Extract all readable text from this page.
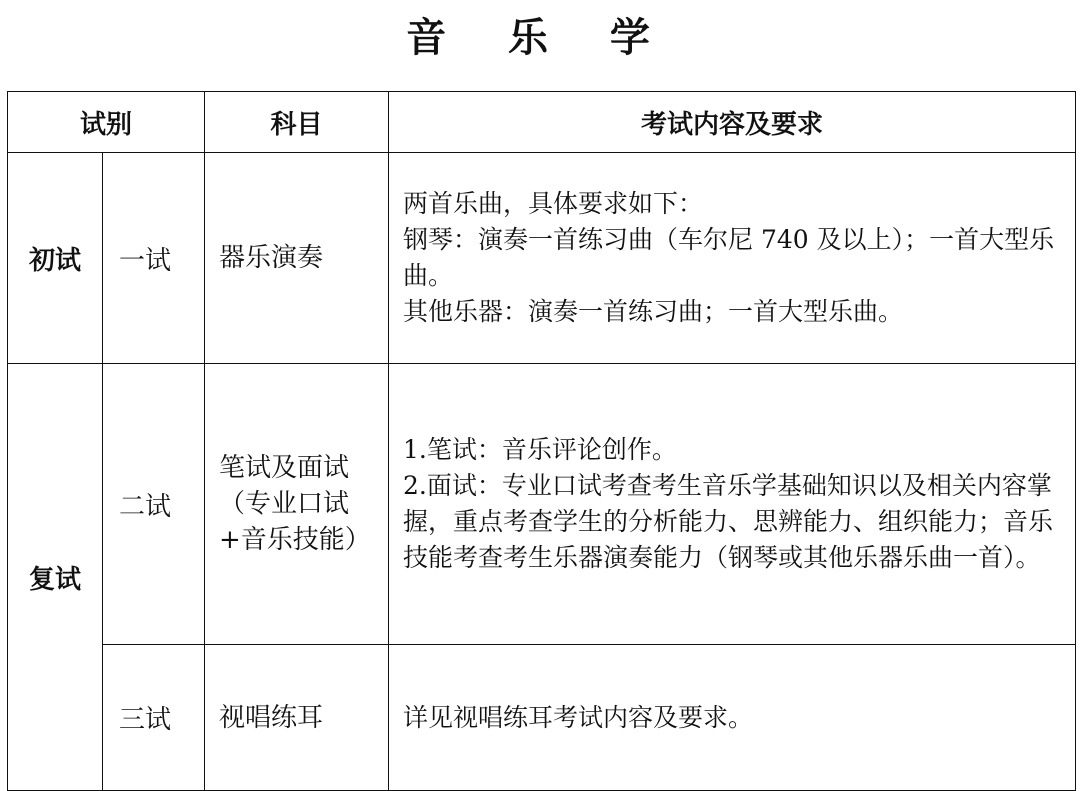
音 乐 学
试别		科目	考试内容及要求
初试	一试	器乐演奏	两首乐曲，具体要求如下：
钢琴：演奏一首练习曲（车尔尼 740 及以上）；一首大型乐曲。
其他乐器：演奏一首练习曲；一首大型乐曲。

复试	二试	笔试及面试（专业口试+音乐技能）	1.笔试：音乐评论创作。
2.面试：专业口试考查考生音乐学基础知识以及相关内容掌握，重点考查学生的分析能力、思辨能力、组织能力；音乐技能考查考生乐器演奏能力（钢琴或其他乐器乐曲一首）。

	三试	视唱练耳	详见视唱练耳考试内容及要求。
